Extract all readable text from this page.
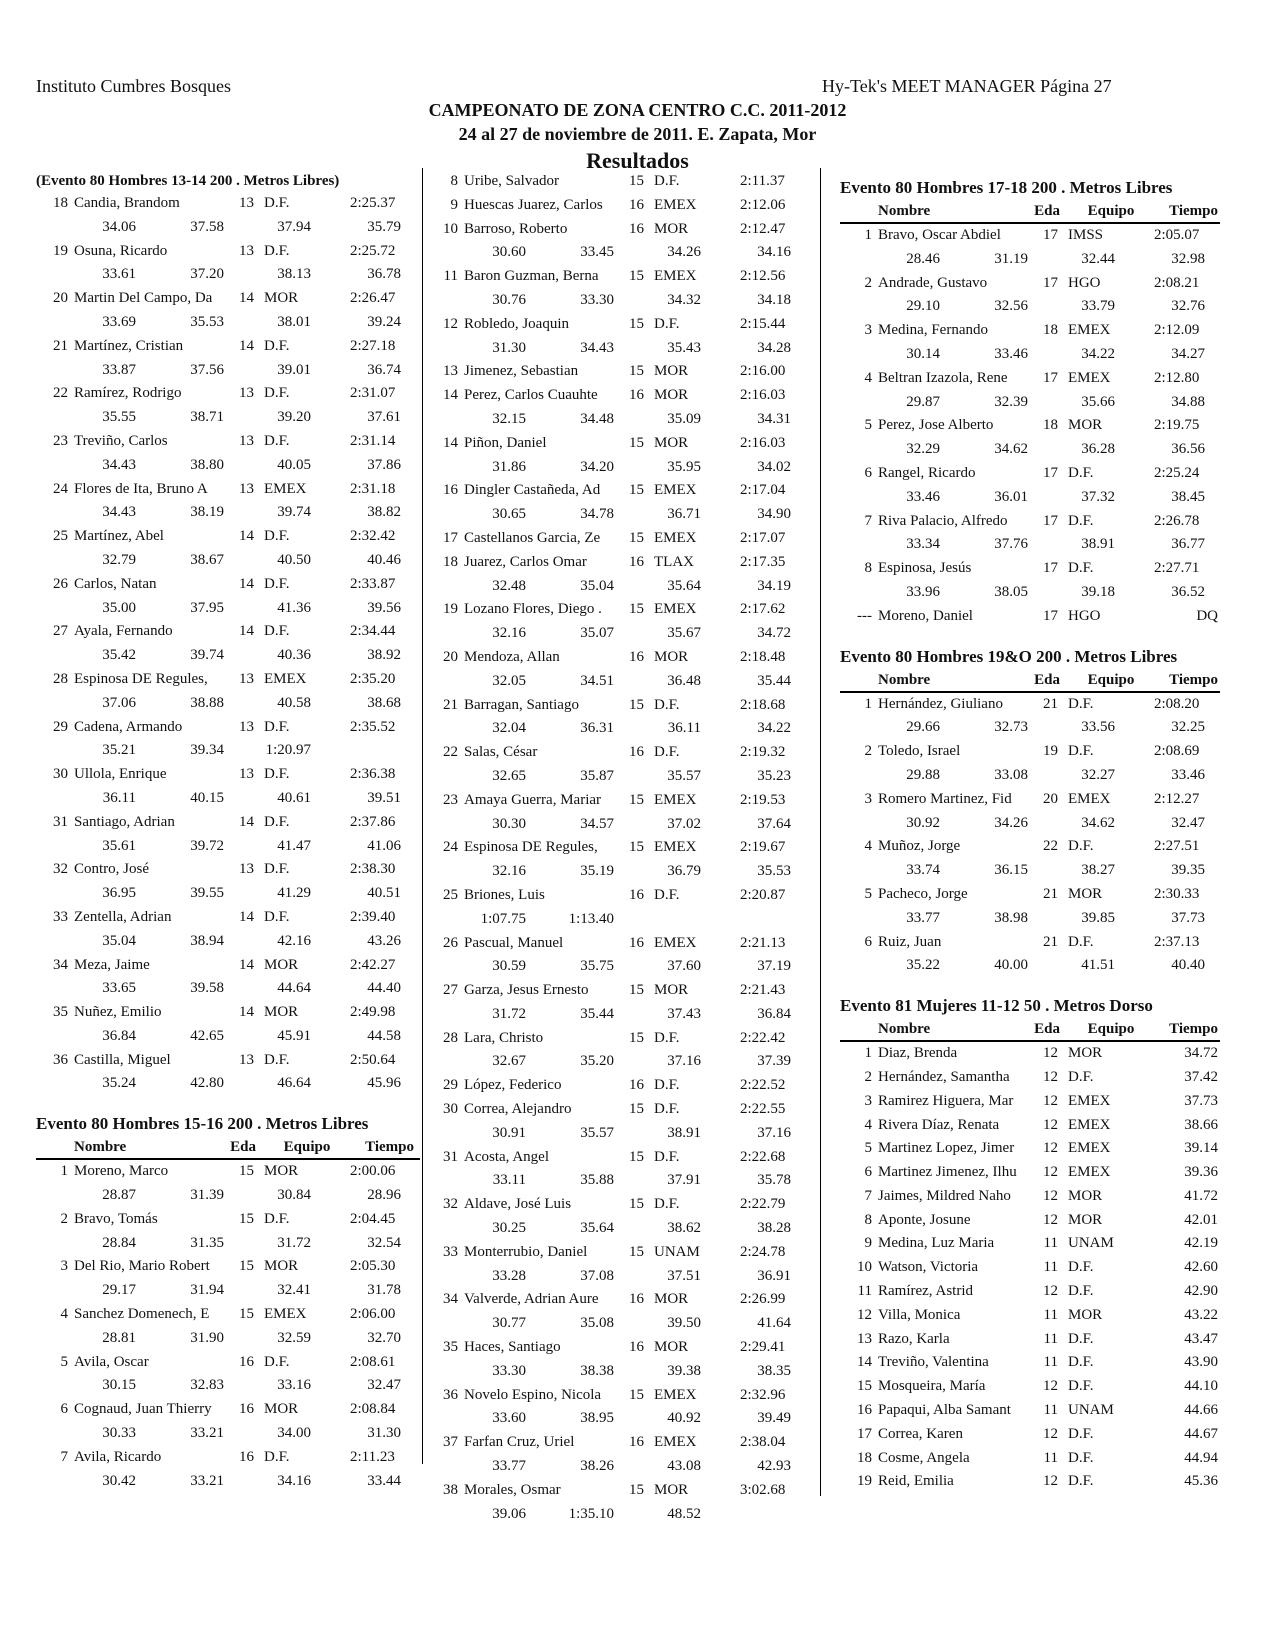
Instituto Cumbres Bosques	Hy-Tek's MEET MANAGER Página 27
CAMPEONATO DE ZONA CENTRO C.C. 2011-2012
24 al 27 de noviembre de 2011. E. Zapata, Mor
Resultados
(Evento 80 Hombres 13-14 200 . Metros Libres)
18 Candia, Brandom	13 D.F.	2:25.37
34.06	37.58	37.94	35.79
19 Osuna, Ricardo	13 D.F.	2:25.72
33.61	37.20	38.13	36.78
20 Martin Del Campo, Da	14 MOR	2:26.47
33.69	35.53	38.01	39.24
21 Martínez, Cristian	14 D.F.	2:27.18
33.87	37.56	39.01	36.74
22 Ramírez, Rodrigo	13 D.F.	2:31.07
35.55	38.71	39.20	37.61
23 Treviño, Carlos	13 D.F.	2:31.14
34.43	38.80	40.05	37.86
24 Flores de Ita, Bruno A	13 EMEX	2:31.18
34.43	38.19	39.74	38.82
25 Martínez, Abel	14 D.F.	2:32.42
32.79	38.67	40.50	40.46
26 Carlos, Natan	14 D.F.	2:33.87
35.00	37.95	41.36	39.56
27 Ayala, Fernando	14 D.F.	2:34.44
35.42	39.74	40.36	38.92
28 Espinosa DE Regules,	13 EMEX	2:35.20
37.06	38.88	40.58	38.68
29 Cadena, Armando	13 D.F.	2:35.52
35.21	39.34	1:20.97
30 Ullola, Enrique	13 D.F.	2:36.38
36.11	40.15	40.61	39.51
31 Santiago, Adrian	14 D.F.	2:37.86
35.61	39.72	41.47	41.06
32 Contro, José	13 D.F.	2:38.30
36.95	39.55	41.29	40.51
33 Zentella, Adrian	14 D.F.	2:39.40
35.04	38.94	42.16	43.26
34 Meza, Jaime	14 MOR	2:42.27
33.65	39.58	44.64	44.40
35 Nuñez, Emilio	14 MOR	2:49.98
36.84	42.65	45.91	44.58
36 Castilla, Miguel	13 D.F.	2:50.64
35.24	42.80	46.64	45.96
Evento 80 Hombres 15-16 200 . Metros Libres
Nombre	Eda	Equipo	Tiempo
1 Moreno, Marco	15 MOR	2:00.06
28.87	31.39	30.84	28.96
2 Bravo, Tomás	15 D.F.	2:04.45
28.84	31.35	31.72	32.54
3 Del Rio, Mario Robert	15 MOR	2:05.30
29.17	31.94	32.41	31.78
4 Sanchez Domenech, E	15 EMEX	2:06.00
28.81	31.90	32.59	32.70
5 Avila, Oscar	16 D.F.	2:08.61
30.15	32.83	33.16	32.47
6 Cognaud, Juan Thierry	16 MOR	2:08.84
30.33	33.21	34.00	31.30
7 Avila, Ricardo	16 D.F.	2:11.23
30.42	33.21	34.16	33.44
8 Uribe, Salvador	15 D.F.	2:11.37
9 Huescas Juarez, Carlos	16 EMEX	2:12.06
10 Barroso, Roberto	16 MOR	2:12.47
30.60	33.45	34.26	34.16
11 Baron Guzman, Berna	15 EMEX	2:12.56
30.76	33.30	34.32	34.18
12 Robledo, Joaquin	15 D.F.	2:15.44
31.30	34.43	35.43	34.28
13 Jimenez, Sebastian	15 MOR	2:16.00
14 Perez, Carlos Cuauhte	16 MOR	2:16.03
32.15	34.48	35.09	34.31
14 Piñon, Daniel	15 MOR	2:16.03
31.86	34.20	35.95	34.02
16 Dingler Castañeda, Ad	15 EMEX	2:17.04
30.65	34.78	36.71	34.90
17 Castellanos Garcia, Ze	15 EMEX	2:17.07
18 Juarez, Carlos Omar	16 TLAX	2:17.35
32.48	35.04	35.64	34.19
19 Lozano Flores, Diego .	15 EMEX	2:17.62
32.16	35.07	35.67	34.72
20 Mendoza, Allan	16 MOR	2:18.48
32.05	34.51	36.48	35.44
21 Barragan, Santiago	15 D.F.	2:18.68
32.04	36.31	36.11	34.22
22 Salas, César	16 D.F.	2:19.32
32.65	35.87	35.57	35.23
23 Amaya Guerra, Mariar	15 EMEX	2:19.53
30.30	34.57	37.02	37.64
24 Espinosa DE Regules,	15 EMEX	2:19.67
32.16	35.19	36.79	35.53
25 Briones, Luis	16 D.F.	2:20.87
1:07.75	1:13.40
26 Pascual, Manuel	16 EMEX	2:21.13
30.59	35.75	37.60	37.19
27 Garza, Jesus Ernesto	15 MOR	2:21.43
31.72	35.44	37.43	36.84
28 Lara, Christo	15 D.F.	2:22.42
32.67	35.20	37.16	37.39
29 López, Federico	16 D.F.	2:22.52
30 Correa, Alejandro	15 D.F.	2:22.55
30.91	35.57	38.91	37.16
31 Acosta, Angel	15 D.F.	2:22.68
33.11	35.88	37.91	35.78
32 Aldave, José Luis	15 D.F.	2:22.79
30.25	35.64	38.62	38.28
33 Monterrubio, Daniel	15 UNAM	2:24.78
33.28	37.08	37.51	36.91
34 Valverde, Adrian Aure	16 MOR	2:26.99
30.77	35.08	39.50	41.64
35 Haces, Santiago	16 MOR	2:29.41
33.30	38.38	39.38	38.35
36 Novelo Espino, Nicola	15 EMEX	2:32.96
33.60	38.95	40.92	39.49
37 Farfan Cruz, Uriel	16 EMEX	2:38.04
33.77	38.26	43.08	42.93
38 Morales, Osmar	15 MOR	3:02.68
39.06	1:35.10	48.52
Evento 80 Hombres 17-18 200 . Metros Libres
Nombre	Eda	Equipo	Tiempo
1 Bravo, Oscar Abdiel	17 IMSS	2:05.07
28.46	31.19	32.44	32.98
2 Andrade, Gustavo	17 HGO	2:08.21
29.10	32.56	33.79	32.76
3 Medina, Fernando	18 EMEX	2:12.09
30.14	33.46	34.22	34.27
4 Beltran Izazola, Rene	17 EMEX	2:12.80
29.87	32.39	35.66	34.88
5 Perez, Jose Alberto	18 MOR	2:19.75
32.29	34.62	36.28	36.56
6 Rangel, Ricardo	17 D.F.	2:25.24
33.46	36.01	37.32	38.45
7 Riva Palacio, Alfredo	17 D.F.	2:26.78
33.34	37.76	38.91	36.77
8 Espinosa, Jesús	17 D.F.	2:27.71
33.96	38.05	39.18	36.52
--- Moreno, Daniel	17 HGO	DQ
Evento 80 Hombres 19&O 200 . Metros Libres
Nombre	Eda	Equipo	Tiempo
1 Hernández, Giuliano	21 D.F.	2:08.20
29.66	32.73	33.56	32.25
2 Toledo, Israel	19 D.F.	2:08.69
29.88	33.08	32.27	33.46
3 Romero Martinez, Fid	20 EMEX	2:12.27
30.92	34.26	34.62	32.47
4 Muñoz, Jorge	22 D.F.	2:27.51
33.74	36.15	38.27	39.35
5 Pacheco, Jorge	21 MOR	2:30.33
33.77	38.98	39.85	37.73
6 Ruiz, Juan	21 D.F.	2:37.13
35.22	40.00	41.51	40.40
Evento 81 Mujeres 11-12 50 . Metros Dorso
Nombre	Eda	Equipo	Tiempo
1 Diaz, Brenda	12 MOR	34.72
2 Hernández, Samantha	12 D.F.	37.42
3 Ramirez Higuera, Mar	12 EMEX	37.73
4 Rivera Díaz, Renata	12 EMEX	38.66
5 Martinez Lopez, Jimer	12 EMEX	39.14
6 Martinez Jimenez, Ilhu	12 EMEX	39.36
7 Jaimes, Mildred Naho	12 MOR	41.72
8 Aponte, Josune	12 MOR	42.01
9 Medina, Luz Maria	11 UNAM	42.19
10 Watson, Victoria	11 D.F.	42.60
11 Ramírez, Astrid	12 D.F.	42.90
12 Villa, Monica	11 MOR	43.22
13 Razo, Karla	11 D.F.	43.47
14 Treviño, Valentina	11 D.F.	43.90
15 Mosqueira, María	12 D.F.	44.10
16 Papaqui, Alba Samant	11 UNAM	44.66
17 Correa, Karen	12 D.F.	44.67
18 Cosme, Angela	11 D.F.	44.94
19 Reid, Emilia	12 D.F.	45.36
